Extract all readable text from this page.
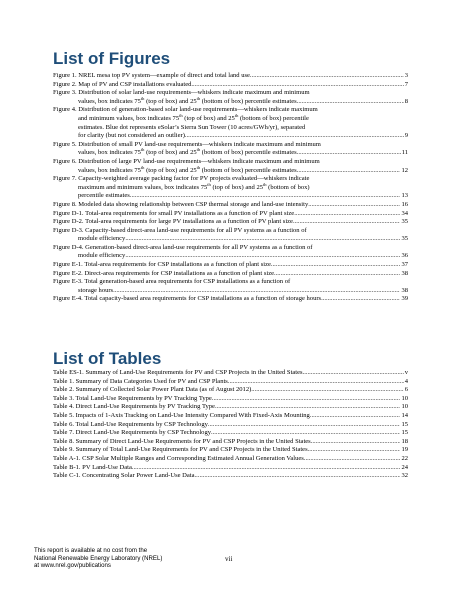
List of Figures
Figure 1. NREL mesa top PV system—example of direct and total land use .....	3
Figure 2. Map of PV and CSP installations evaluated .....	7
Figure 3. Distribution of solar land-use requirements—whiskers indicate maximum and minimum
values, box indicates 75th (top of box) and 25th (bottom of box) percentile estimates .....	8
Figure 4. Distribution of generation-based solar land-use requirements—whiskers indicate maximum
and minimum values, box indicates 75th (top of box) and 25th (bottom of box) percentile
estimates. Blue dot represents eSolar’s Sierra Sun Tower (10 acres/GWh/yr), separated
for clarity (but not considered an outlier) .....	9
Figure 5. Distribution of small PV land-use requirements—whiskers indicate maximum and minimum
values, box indicates 75th (top of box) and 25th (bottom of box) percentile estimates .....	11
Figure 6. Distribution of large PV land-use requirements—whiskers indicate maximum and minimum
values, box indicates 75th (top of box) and 25th (bottom of box) percentile estimates .....	12
Figure 7. Capacity-weighted average packing factor for PV projects evaluated—whiskers indicate
maximum and minimum values, box indicates 75th (top of box) and 25th (bottom of box)
percentile estimates .....	13
Figure 8. Modeled data showing relationship between CSP thermal storage and land-use intensity .....	16
Figure D-1. Total-area requirements for small PV installations as a function of PV plant size .....	34
Figure D-2. Total-area requirements for large PV installations as a function of PV plant size .....	35
Figure D-3. Capacity-based direct-area land-use requirements for all PV systems as a function of
module efficiency .....	35
Figure D-4. Generation-based direct-area land-use requirements for all PV systems as a function of
module efficiency .....	36
Figure E-1. Total-area requirements for CSP installations as a function of plant size .....	37
Figure E-2. Direct-area requirements for CSP installations as a function of plant size .....	38
Figure E-3. Total generation-based area requirements for CSP installations as a function of
storage hours .....	38
Figure E-4. Total capacity-based area requirements for CSP installations as a function of storage hours .....	39
List of Tables
Table ES-1. Summary of Land-Use Requirements for PV and CSP Projects in the United States .....	v
Table 1. Summary of Data Categories Used for PV and CSP Plants .....	4
Table 2. Summary of Collected Solar Power Plant Data (as of August 2012) .....	6
Table 3. Total Land-Use Requirements by PV Tracking Type .....	10
Table 4. Direct Land-Use Requirements by PV Tracking Type .....	10
Table 5. Impacts of 1-Axis Tracking on Land-Use Intensity Compared With Fixed-Axis Mounting .....	14
Table 6. Total Land-Use Requirements by CSP Technology .....	15
Table 7. Direct Land-Use Requirements by CSP Technology .....	15
Table 8. Summary of Direct Land-Use Requirements for PV and CSP Projects in the United States .....	18
Table 9. Summary of Total Land-Use Requirements for PV and CSP Projects in the United States .....	19
Table A-1. CSP Solar Multiple Ranges and Corresponding Estimated Annual Generation Values .....	22
Table B-1. PV Land-Use Data .....	24
Table C-1. Concentrating Solar Power Land-Use Data .....	32
This report is available at no cost from the
National Renewable Energy Laboratory (NREL)
at www.nrel.gov/publications
vii
